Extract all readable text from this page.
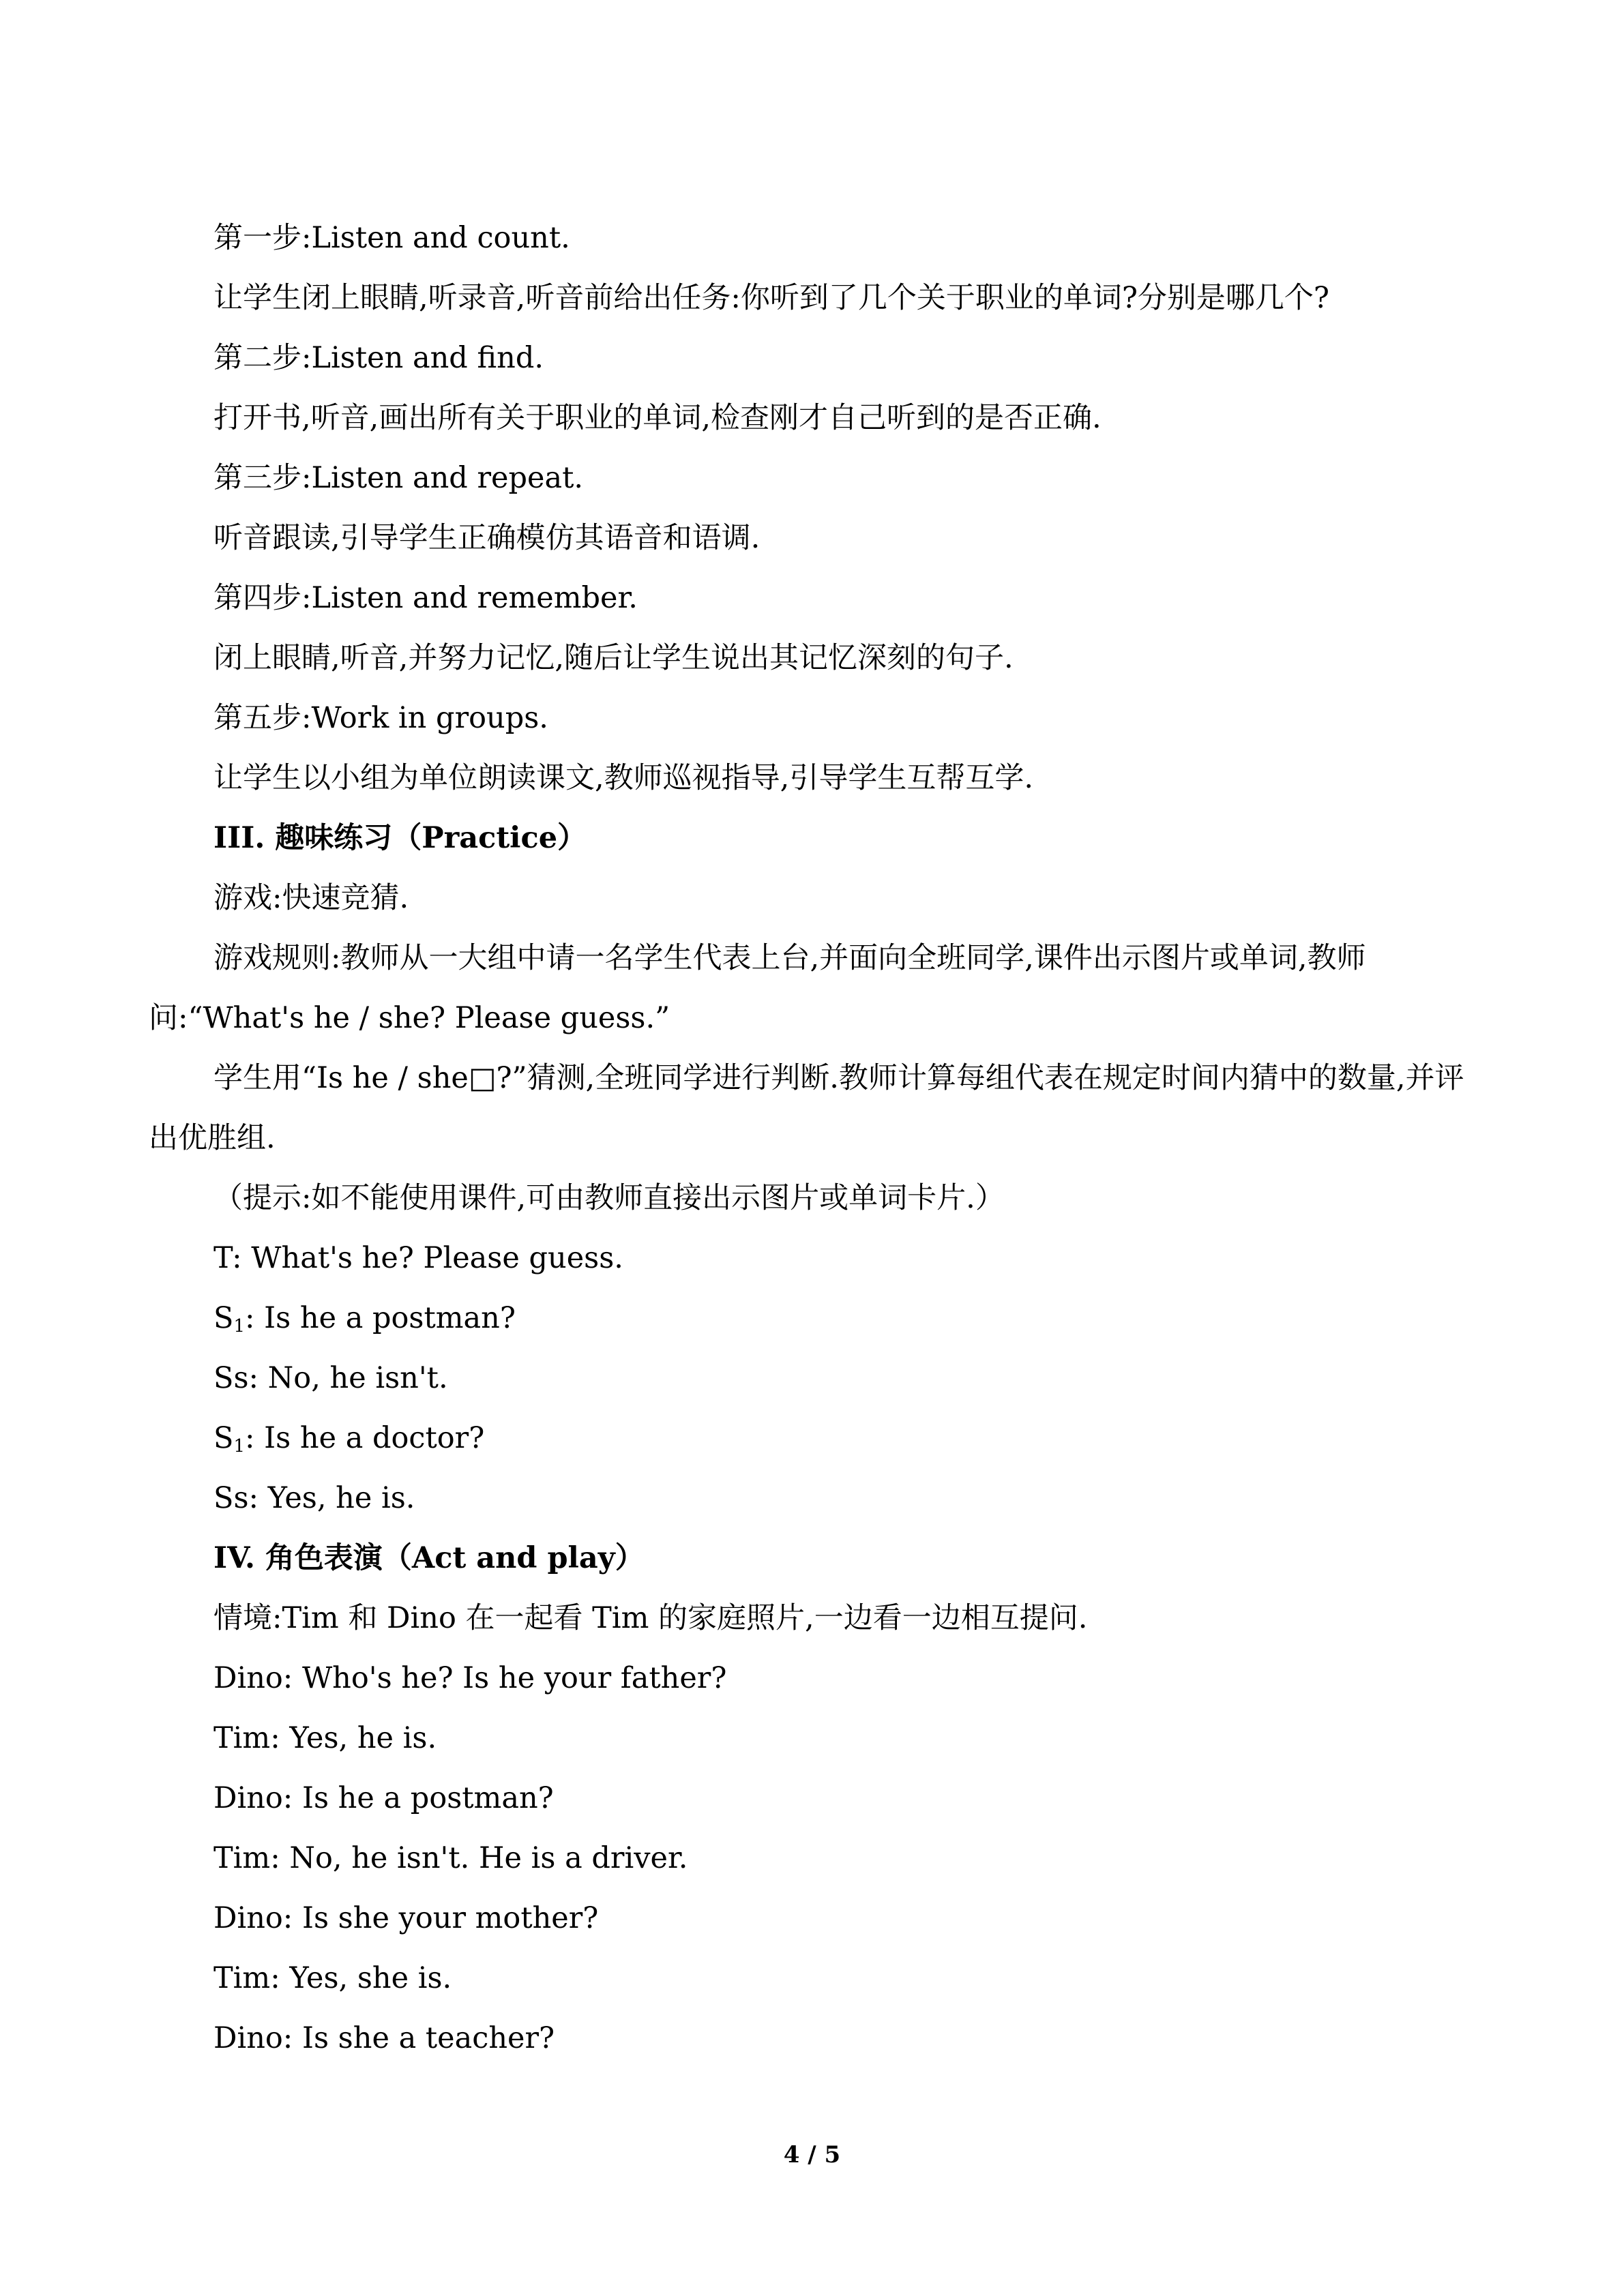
第一步:Listen and count.
让学生闭上眼睛,听录音,听音前给出任务:你听到了几个关于职业的单词?分别是哪几个?
第二步:Listen and find.
打开书,听音,画出所有关于职业的单词,检查刚才自己听到的是否正确.
第三步:Listen and repeat.
听音跟读,引导学生正确模仿其语音和语调.
第四步:Listen and remember.
闭上眼睛,听音,并努力记忆,随后让学生说出其记忆深刻的句子.
第五步:Work in groups.
让学生以小组为单位朗读课文,教师巡视指导,引导学生互帮互学.
III. 趣味练习（Practice）
游戏:快速竞猜.
游戏规则:教师从一大组中请一名学生代表上台,并面向全班同学,课件出示图片或单词,教师问:“What's he / she? Please guess.”
学生用“Is he / she□?”猜测,全班同学进行判断.教师计算每组代表在规定时间内猜中的数量,并评出优胜组.
（提示:如不能使用课件,可由教师直接出示图片或单词卡片.）
T: What's he? Please guess.
$S_1$: Is he a postman?
Ss: No, he isn't.
$S_1$: Is he a doctor?
Ss: Yes, he is.
IV. 角色表演（Act and play）
情境:Tim 和 Dino 在一起看 Tim 的家庭照片,一边看一边相互提问.
Dino: Who's he? Is he your father?
Tim: Yes, he is.
Dino: Is he a postman?
Tim: No, he isn't. He is a driver.
Dino: Is she your mother?
Tim: Yes, she is.
Dino: Is she a teacher?
4 / 5
